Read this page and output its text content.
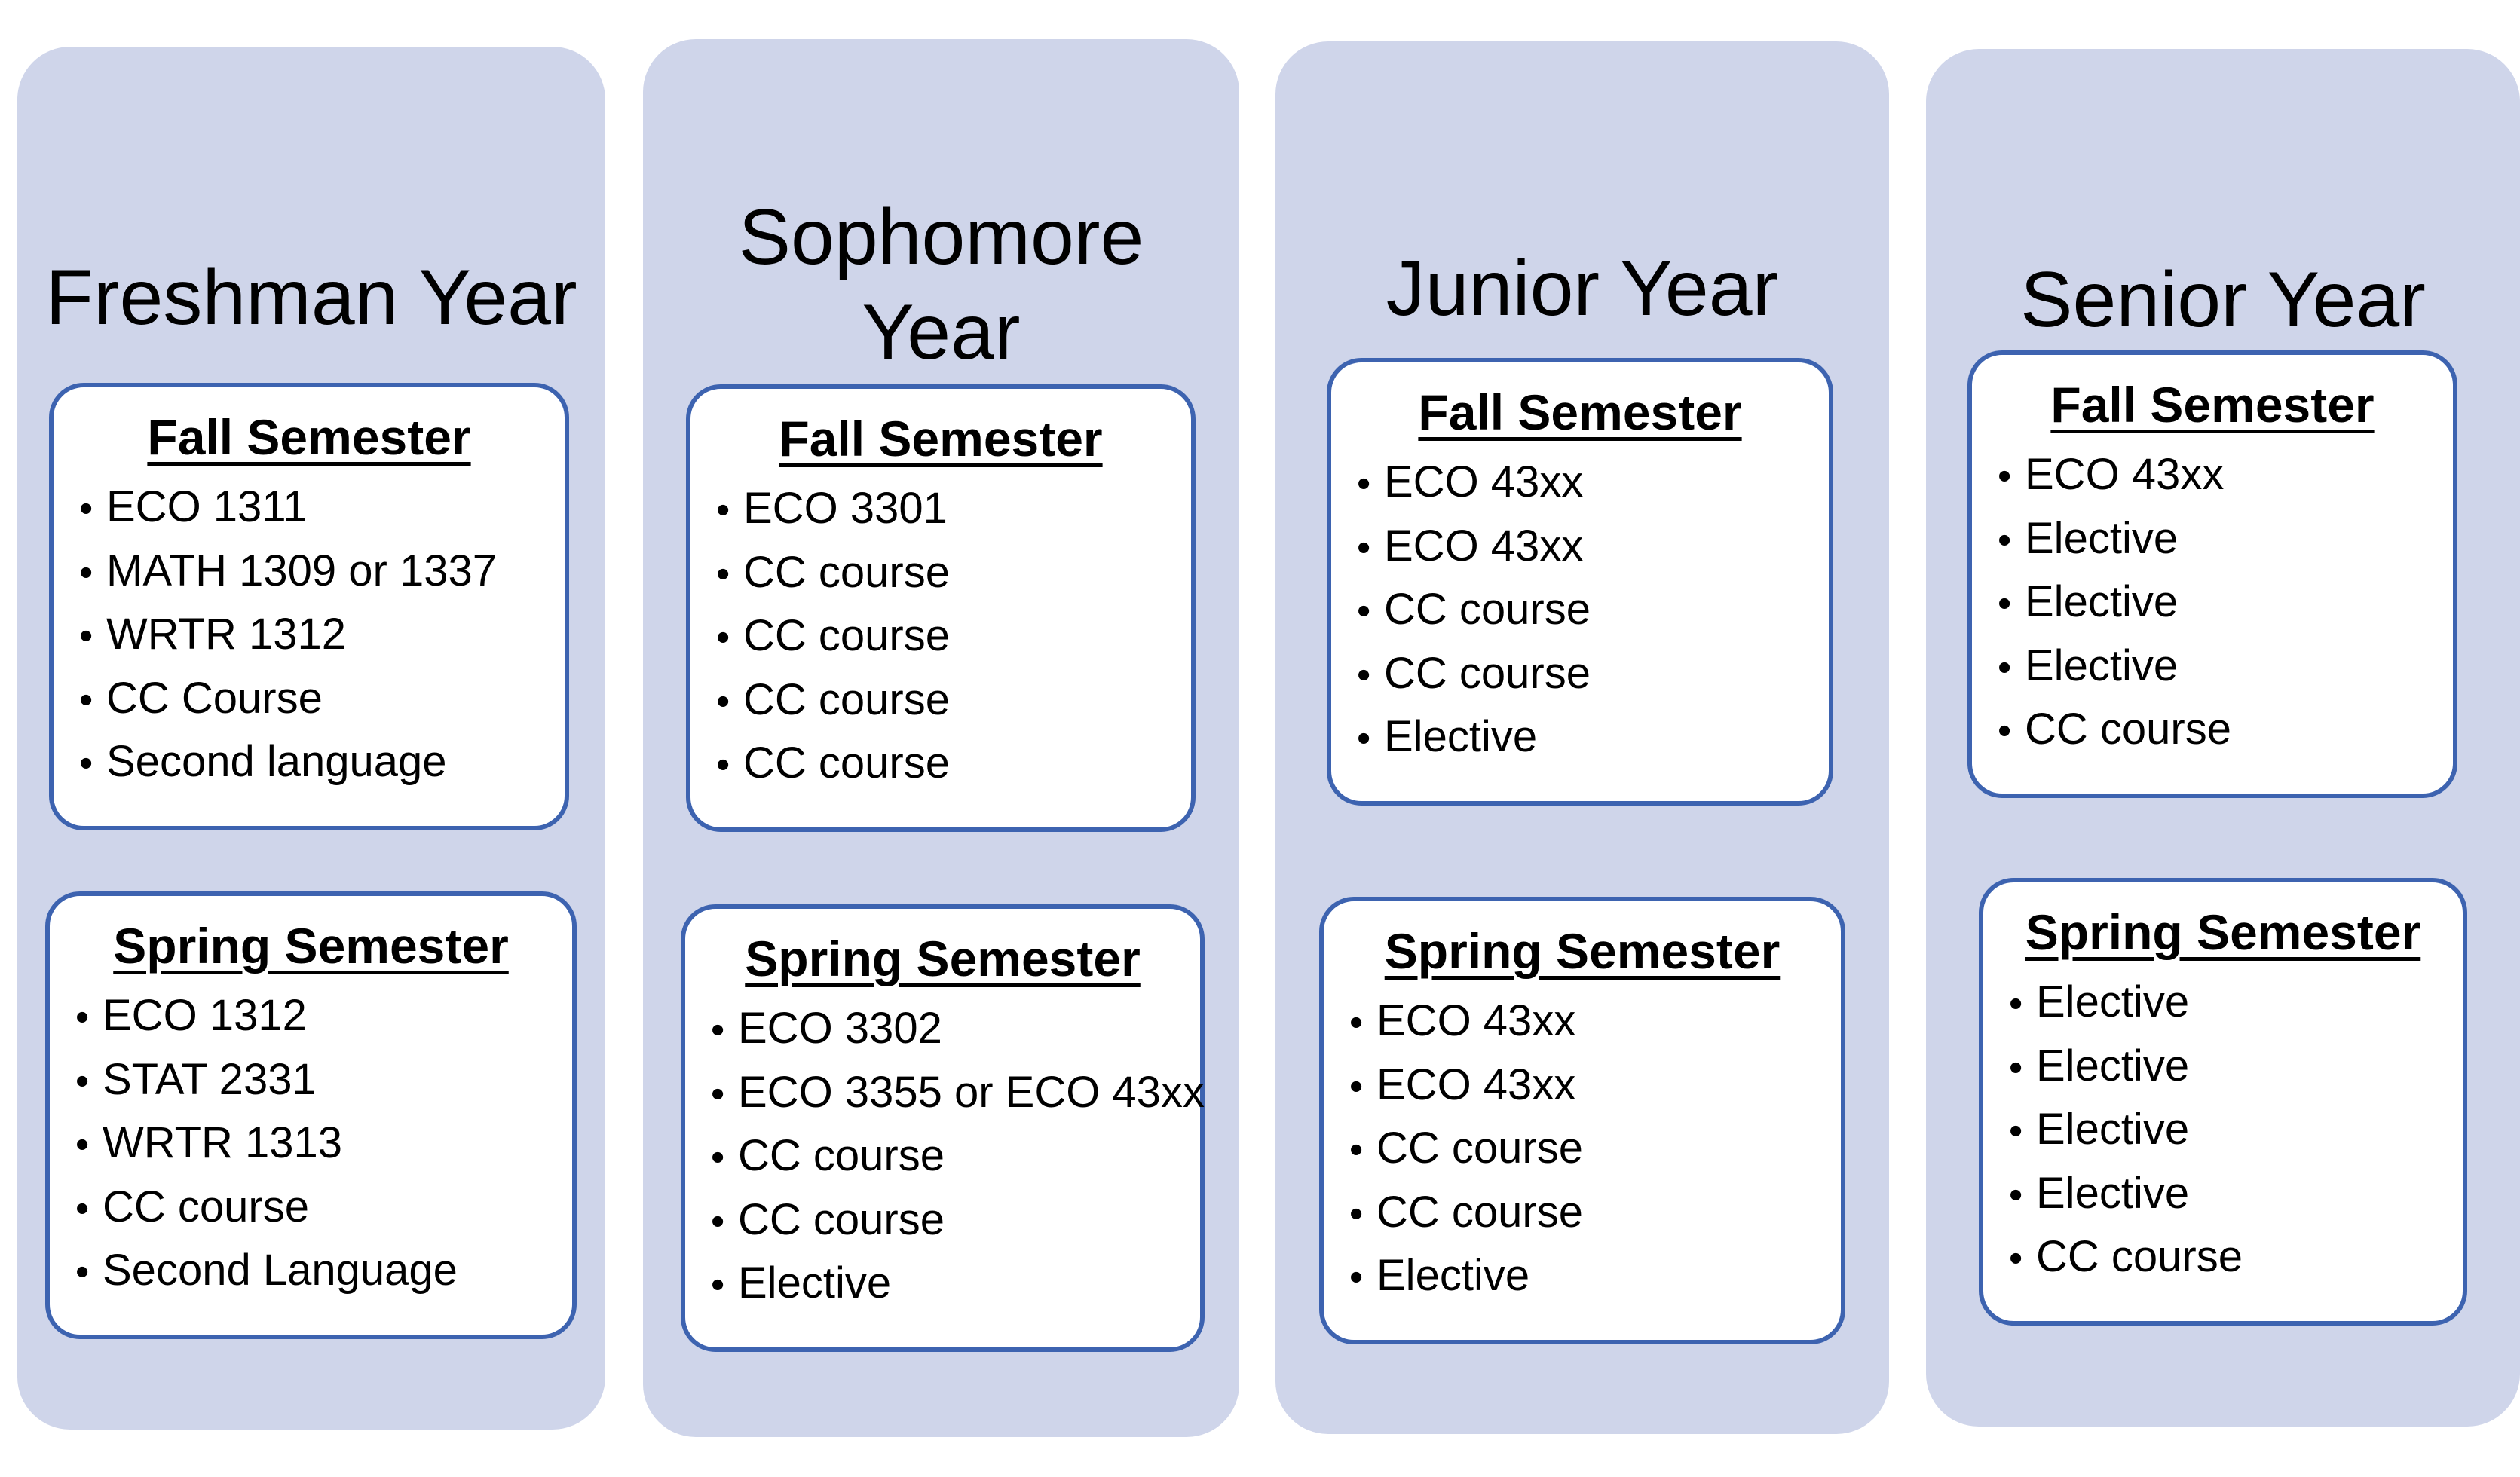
Freshman Year
Fall Semester
• ECO 1311
• MATH 1309 or 1337
• WRTR 1312
• CC Course
• Second language
Spring Semester
• ECO 1312
• STAT 2331
• WRTR 1313
• CC course
• Second Language
Sophomore
Year
Fall Semester
• ECO 3301
• CC course
• CC course
• CC course
• CC course
Spring Semester
• ECO 3302
• ECO 3355 or ECO 43xx
• CC course
• CC course
• Elective
Junior Year
Fall Semester
• ECO 43xx
• ECO 43xx
• CC course
• CC course
• Elective
Spring Semester
• ECO 43xx
• ECO 43xx
• CC course
• CC course
• Elective
Senior Year
Fall Semester
• ECO 43xx
• Elective
• Elective
• Elective
• CC course
Spring Semester
• Elective
• Elective
• Elective
• Elective
• CC course
